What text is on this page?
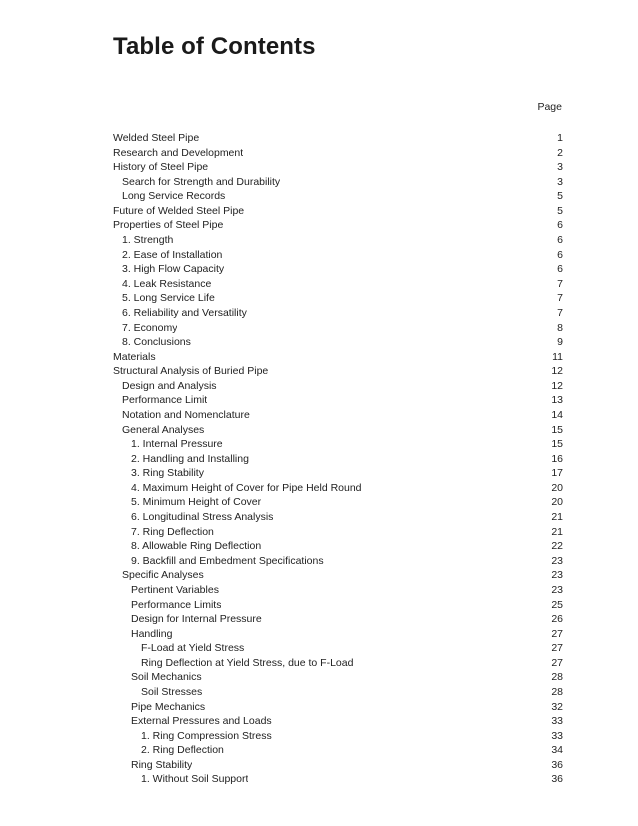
Table of Contents
Page
Welded Steel Pipe	1
Research and Development	2
History of Steel Pipe	3
Search for Strength and Durability	3
Long Service Records	5
Future of Welded Steel Pipe	5
Properties of Steel Pipe	6
1. Strength	6
2. Ease of Installation	6
3. High Flow Capacity	6
4. Leak Resistance	7
5. Long Service Life	7
6. Reliability and Versatility	7
7. Economy	8
8. Conclusions	9
Materials	11
Structural Analysis of Buried Pipe	12
Design and Analysis	12
Performance Limit	13
Notation and Nomenclature	14
General Analyses	15
1. Internal Pressure	15
2. Handling and Installing	16
3. Ring Stability	17
4. Maximum Height of Cover for Pipe Held Round	20
5. Minimum Height of Cover	20
6. Longitudinal Stress Analysis	21
7. Ring Deflection	21
8. Allowable Ring Deflection	22
9. Backfill and Embedment Specifications	23
Specific Analyses	23
Pertinent Variables	23
Performance Limits	25
Design for Internal Pressure	26
Handling	27
F-Load at Yield Stress	27
Ring Deflection at Yield Stress, due to F-Load	27
Soil Mechanics	28
Soil Stresses	28
Pipe Mechanics	32
External Pressures and Loads	33
1. Ring Compression Stress	33
2. Ring Deflection	34
Ring Stability	36
1. Without Soil Support	36
